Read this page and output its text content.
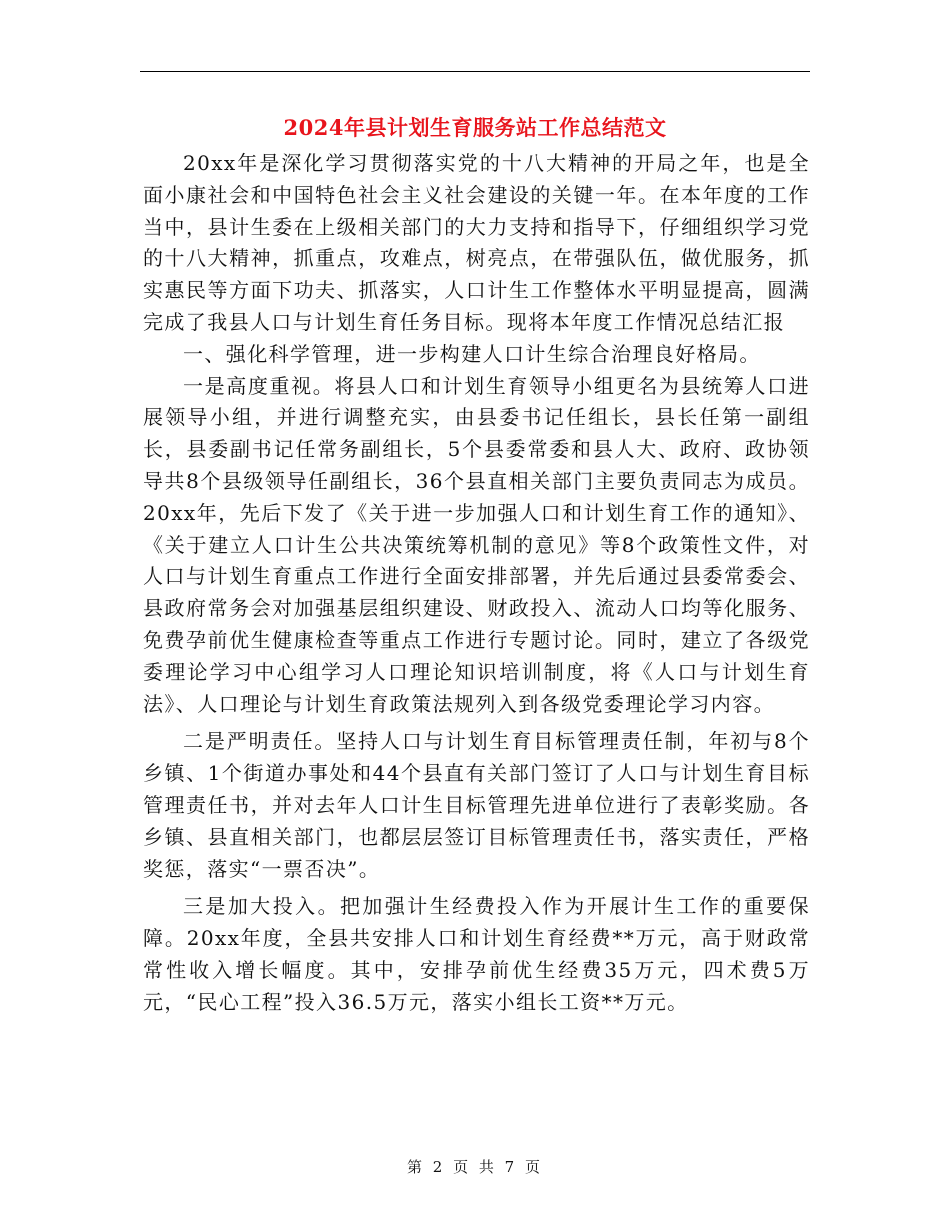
2024年县计划生育服务站工作总结范文

20xx年是深化学习贯彻落实党的十八大精神的开局之年，也是全面小康社会和中国特色社会主义社会建设的关键一年。在本年度的工作当中，县计生委在上级相关部门的大力支持和指导下，仔细组织学习党的十八大精神，抓重点，攻难点，树亮点，在带强队伍，做优服务，抓实惠民等方面下功夫、抓落实，人口计生工作整体水平明显提高，圆满完成了我县人口与计划生育任务目标。现将本年度工作情况总结汇报

一、强化科学管理，进一步构建人口计生综合治理良好格局。

一是高度重视。将县人口和计划生育领导小组更名为县统筹人口进展领导小组，并进行调整充实，由县委书记任组长，县长任第一副组长，县委副书记任常务副组长，5个县委常委和县人大、政府、政协领导共8个县级领导任副组长，36个县直相关部门主要负责同志为成员。20xx年，先后下发了《关于进一步加强人口和计划生育工作的通知》、《关于建立人口计生公共决策统筹机制的意见》等8个政策性文件，对人口与计划生育重点工作进行全面安排部署，并先后通过县委常委会、县政府常务会对加强基层组织建设、财政投入、流动人口均等化服务、免费孕前优生健康检查等重点工作进行专题讨论。同时，建立了各级党委理论学习中心组学习人口理论知识培训制度，将《人口与计划生育法》、人口理论与计划生育政策法规列入到各级党委理论学习内容。

二是严明责任。坚持人口与计划生育目标管理责任制，年初与8个乡镇、1个街道办事处和44个县直有关部门签订了人口与计划生育目标管理责任书，并对去年人口计生目标管理先进单位进行了表彰奖励。各乡镇、县直相关部门，也都层层签订目标管理责任书，落实责任，严格奖惩，落实“一票否决”。

三是加大投入。把加强计生经费投入作为开展计生工作的重要保障。20xx年度，全县共安排人口和计划生育经费**万元，高于财政常常性收入增长幅度。其中，安排孕前优生经费35万元，四术费5万元，“民心工程”投入36.5万元，落实小组长工资**万元。

第 2 页 共 7 页
